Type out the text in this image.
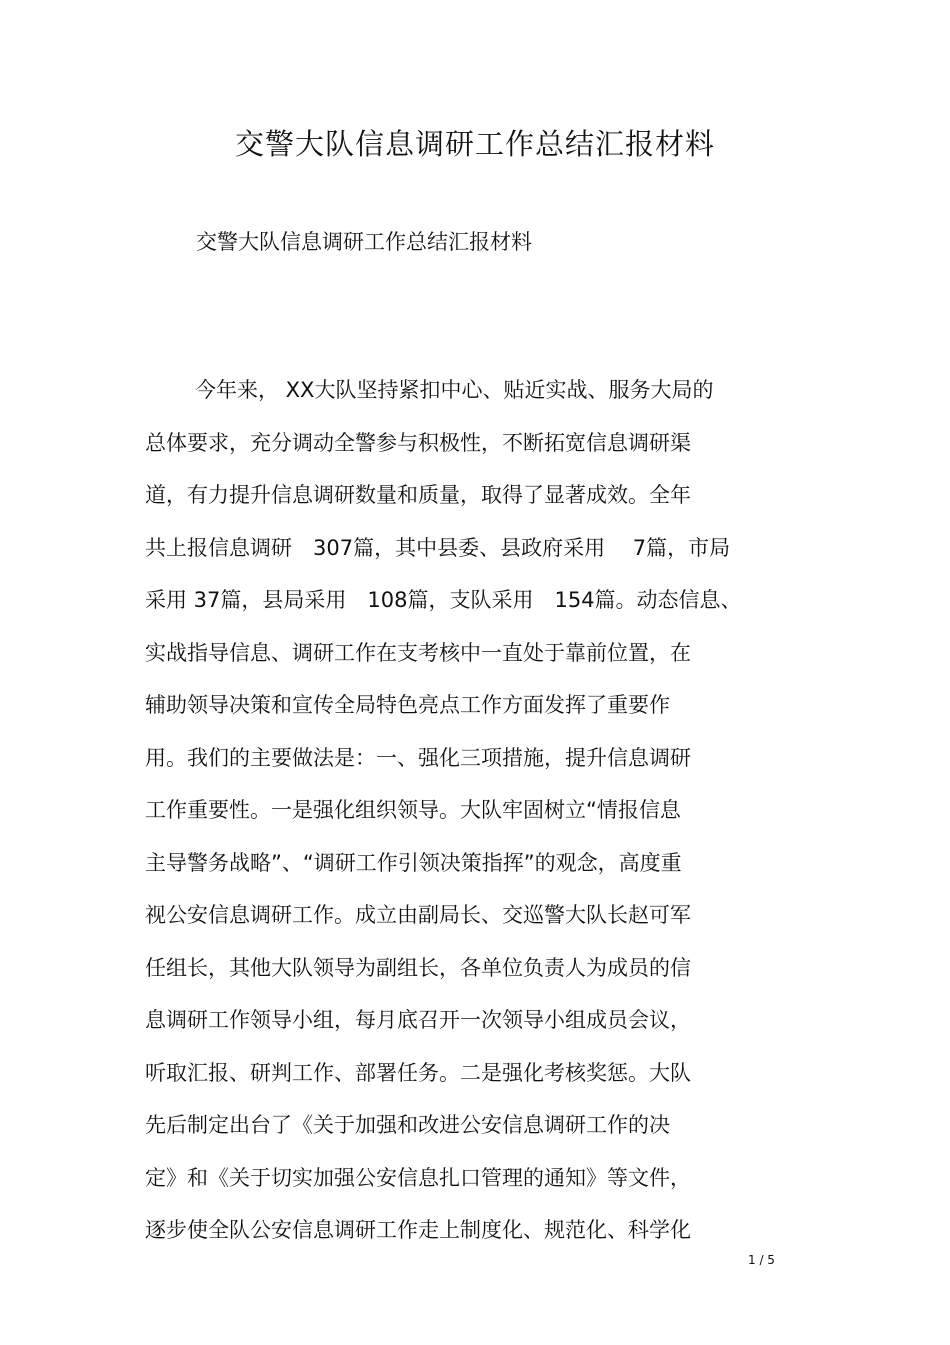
交警大队信息调研工作总结汇报材料
交警大队信息调研工作总结汇报材料
今年来， XX大队坚持紧扣中心、贴近实战、服务大局的
总体要求，充分调动全警参与积极性，不断拓宽信息调研渠
道，有力提升信息调研数量和质量，取得了显著成效。全年
共上报信息调研　307篇，其中县委、县政府采用　 7篇，市局
采用 37篇，县局采用　108篇，支队采用　154篇。动态信息、
实战指导信息、调研工作在支考核中一直处于靠前位置，在
辅助领导决策和宣传全局特色亮点工作方面发挥了重要作
用。我们的主要做法是：一、强化三项措施，提升信息调研
工作重要性。一是强化组织领导。大队牢固树立“情报信息
主导警务战略”、“调研工作引领决策指挥”的观念，高度重
视公安信息调研工作。成立由副局长、交巡警大队长赵可军
任组长，其他大队领导为副组长，各单位负责人为成员的信
息调研工作领导小组，每月底召开一次领导小组成员会议，
听取汇报、研判工作、部署任务。二是强化考核奖惩。大队
先后制定出台了《关于加强和改进公安信息调研工作的决
定》和《关于切实加强公安信息扎口管理的通知》等文件，
逐步使全队公安信息调研工作走上制度化、规范化、科学化
1 / 5
